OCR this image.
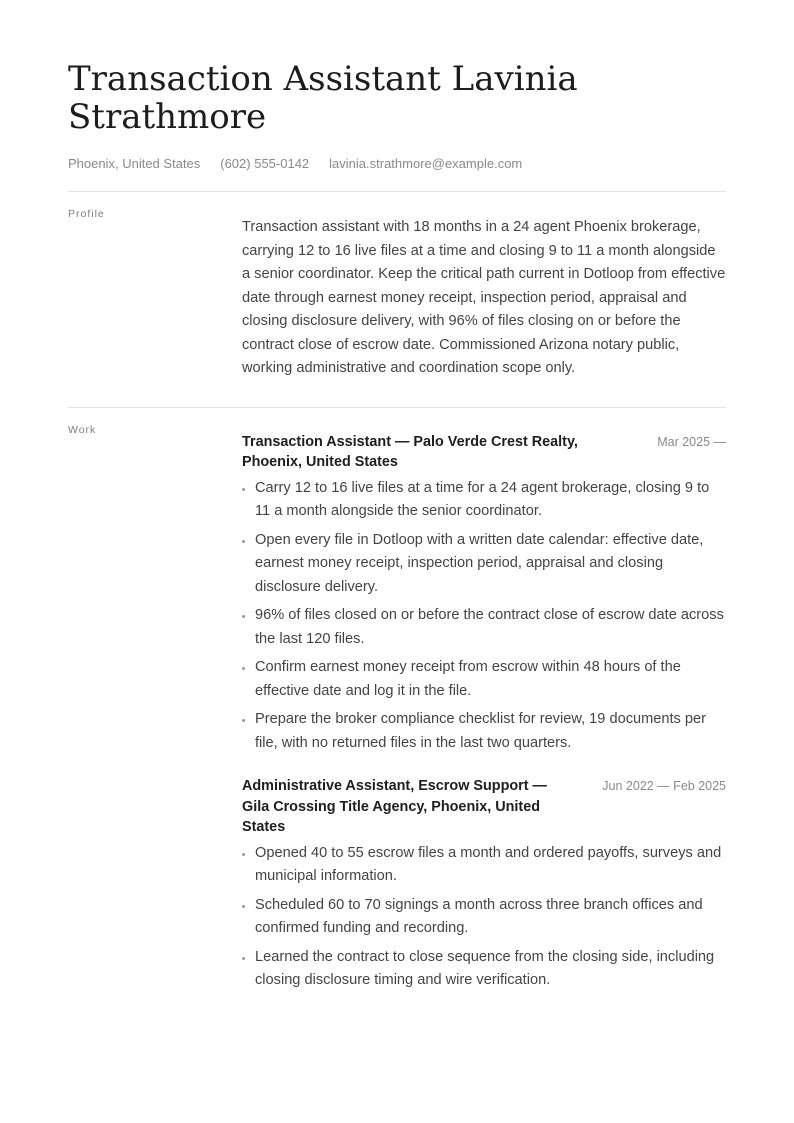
Transaction Assistant Lavinia Strathmore
Phoenix, United States (602) 555-0142 lavinia.strathmore@example.com
Profile

Transaction assistant with 18 months in a 24 agent Phoenix brokerage, carrying 12 to 16 live files at a time and closing 9 to 11 a month alongside a senior coordinator. Keep the critical path current in Dotloop from effective date through earnest money receipt, inspection period, appraisal and closing disclosure delivery, with 96% of files closing on or before the contract close of escrow date. Commissioned Arizona notary public, working administrative and coordination scope only.

Work
Transaction Assistant — Palo Verde Crest Realty, Phoenix, United States
Mar 2025 —
Carry 12 to 16 live files at a time for a 24 agent brokerage, closing 9 to 11 a month alongside the senior coordinator.
Open every file in Dotloop with a written date calendar: effective date, earnest money receipt, inspection period, appraisal and closing disclosure delivery.
96% of files closed on or before the contract close of escrow date across the last 120 files.
Confirm earnest money receipt from escrow within 48 hours of the effective date and log it in the file.
Prepare the broker compliance checklist for review, 19 documents per file, with no returned files in the last two quarters.
Administrative Assistant, Escrow Support — Gila Crossing Title Agency, Phoenix, United States
Jun 2022 — Feb 2025
Opened 40 to 55 escrow files a month and ordered payoffs, surveys and municipal information.
Scheduled 60 to 70 signings a month across three branch offices and confirmed funding and recording.
Learned the contract to close sequence from the closing side, including closing disclosure timing and wire verification.
